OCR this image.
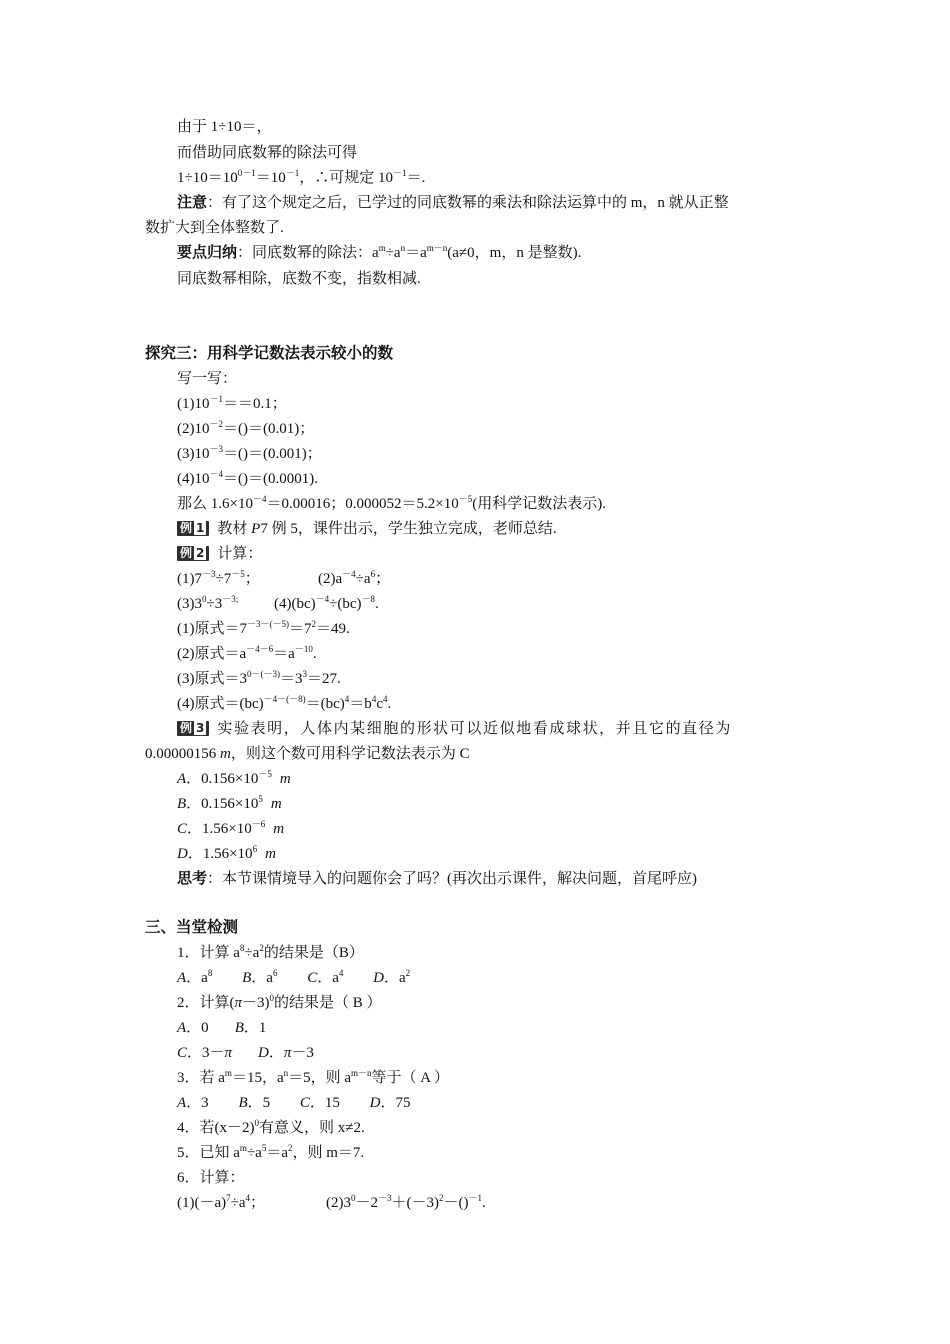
由于 1÷10＝，
而借助同底数幂的除法可得
$1\div 10=10^{0-1}=10^{-1}$，∴可规定 $10^{-1}=$.
注意：有了这个规定之后，已学过的同底数幂的乘法和除法运算中的 m，n 就从正整
数扩大到全体整数了.
要点归纳：同底数幂的除法：$a^m\div a^n=a^{m-n}(a\ne 0$，m，n 是整数).
同底数幂相除，底数不变，指数相减.
探究三：用科学记数法表示较小的数
写一写：
$(1)10^{-1}==0.1$；
$(2)10^{-2}=()=(0.01)$；
$(3)10^{-3}=()=(0.001)$；
$(4)10^{-4}=()=(0.0001)$.
那么 $1.6\times 10^{-4}=0.00016$；$0.000052=5.2\times 10^{-5}$(用科学记数法表示).
例 1 教材 P7 例 5，课件出示，学生独立完成，老师总结.
例 2 计算：
$(1)7^{-3}\div 7^{-5}$；	$(2)a^{-4}\div a^6$；
$(3)3^0\div 3^{-3;}$ (4)(bc)$^{-4}$÷(bc)$^{-8}$.
(1)原式$=7^{-3-(-5)}=7^2=49$.
(2)原式$=a^{-4-6}=a^{-10}$.
(3)原式$=3^{0-(-3)}=3^3=27$.
(4)原式$=(bc)^{-4-(-8)}=(bc)^4=b^4c^4$.
例 3 实验表明，人体内某细胞的形状可以近似地看成球状，并且它的直径为
0.00000156 m，则这个数可用科学记数法表示为 C
A．$0.156\times 10^{-5}$ m
B．$0.156\times 10^5$ m
C．$1.56\times 10^{-6}$ m
D．$1.56\times 10^6$ m
思考：本节课情境导入的问题你会了吗？(再次出示课件，解决问题，首尾呼应)
三、当堂检测
1．计算 $a^8\div a^2$的结果是（B）
A．$a^8$ B．$a^6$ C．$a^4$ D．$a^2$
2．计算$(\pi-3)^0$的结果是（ B ）
A．0 B．1
C．3－π D．π－3
3．若 $a^m=15$，$a^n=5$，则 $a^{m-n}$等于（ A ）
A．3 B．5 C．15 D．75
4．若$(x-2)^0$有意义，则 x≠2.
5．已知 $a^m\div a^5=a^2$，则 m＝7.
6．计算：
$(1)(-a)^7\div a^4$；	$(2)3^0-2^{-3}+(-3)^2-()^{-1}$.
